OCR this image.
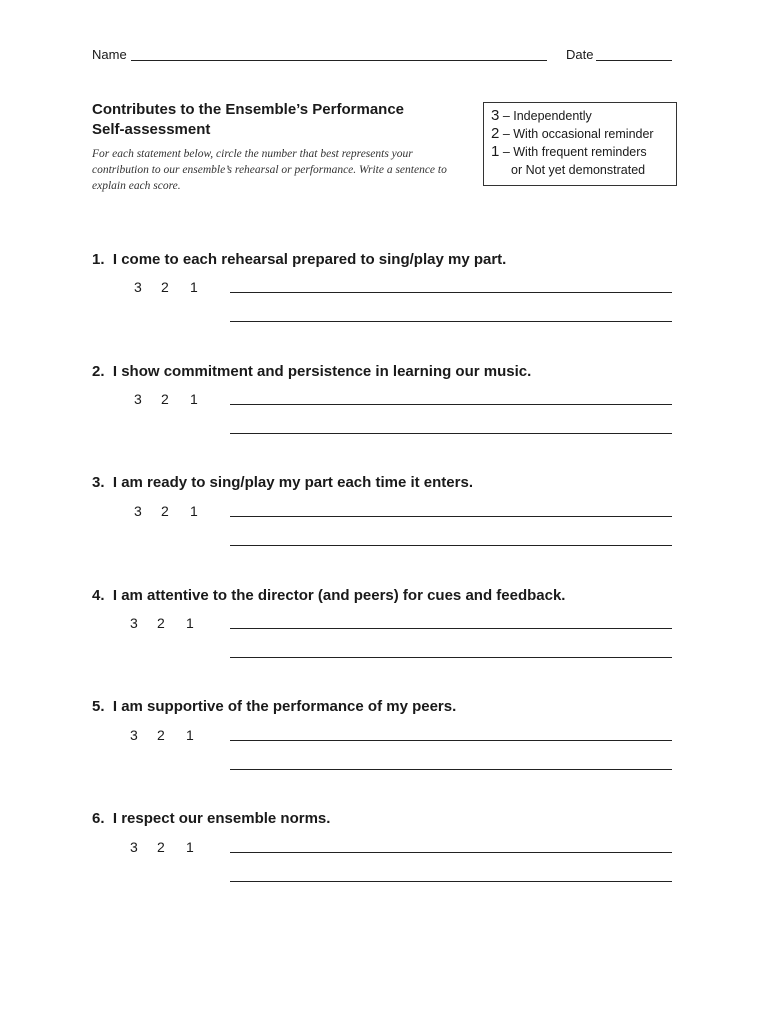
Name	Date
Contributes to the Ensemble’s Performance
Self-assessment
For each statement below, circle the number that best represents your contribution to our ensemble’s rehearsal or performance. Write a sentence to explain each score.
3 – Independently
2 – With occasional reminder
1 – With frequent reminders
or Not yet demonstrated
1. I come to each rehearsal prepared to sing/play my part.
3 2 1
2. I show commitment and persistence in learning our music.
3 2 1
3. I am ready to sing/play my part each time it enters.
3 2 1
4. I am attentive to the director (and peers) for cues and feedback.
3 2 1
5. I am supportive of the performance of my peers.
3 2 1
6. I respect our ensemble norms.
3 2 1
